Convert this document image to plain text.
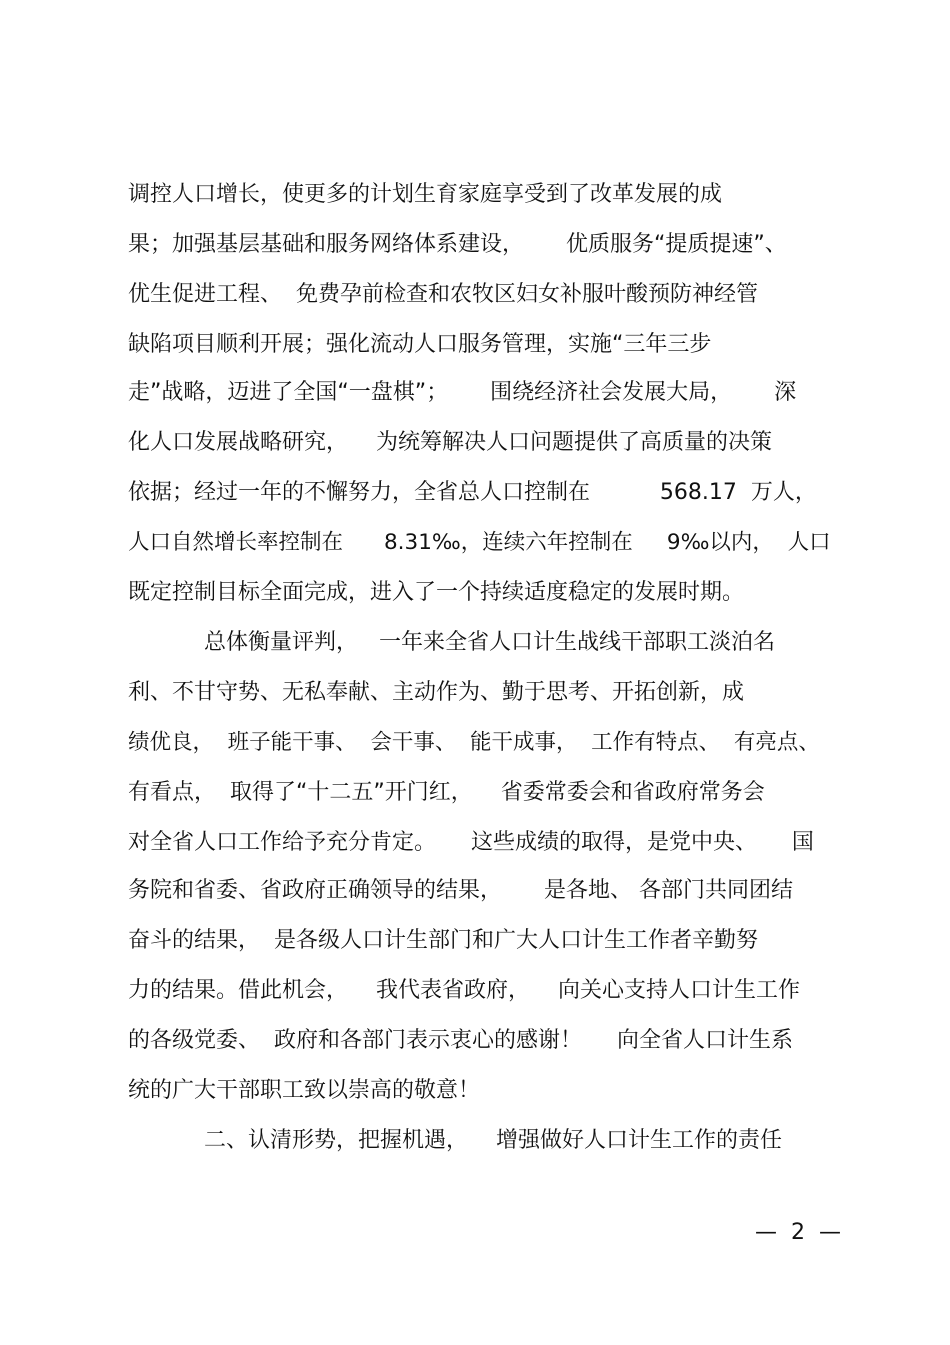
调控人口增长，使更多的计划生育家庭享受到了改革发展的成
果；加强基层基础和服务网络体系建设，      优质服务“提质提速”、
优生促进工程、  免费孕前检查和农牧区妇女补服叶酸预防神经管
缺陷项目顺利开展；强化流动人口服务管理，实施“三年三步
走”战略，迈进了全国“一盘棋”；      围绕经济社会发展大局，      深
化人口发展战略研究，    为统筹解决人口问题提供了高质量的决策
依据；经过一年的不懈努力，全省总人口控制在          568.17  万人，
人口自然增长率控制在      8.31‰，连续六年控制在     9‰以内，  人口
既定控制目标全面完成，进入了一个持续适度稳定的发展时期。
总体衡量评判，   一年来全省人口计生战线干部职工淡泊名
利、不甘守势、无私奉献、主动作为、勤于思考、开拓创新，成
绩优良，  班子能干事、  会干事、  能干成事，  工作有特点、  有亮点、
有看点，  取得了“十二五”开门红，    省委常委会和省政府常务会
对全省人口工作给予充分肯定。     这些成绩的取得，是党中央、     国
务院和省委、省政府正确领导的结果，      是各地、 各部门共同团结
奋斗的结果，  是各级人口计生部门和广大人口计生工作者辛勤努
力的结果。借此机会，    我代表省政府，    向关心支持人口计生工作
的各级党委、  政府和各部门表示衷心的感谢！     向全省人口计生系
统的广大干部职工致以崇高的敬意！
二、认清形势，把握机遇，    增强做好人口计生工作的责任
—  2  —
